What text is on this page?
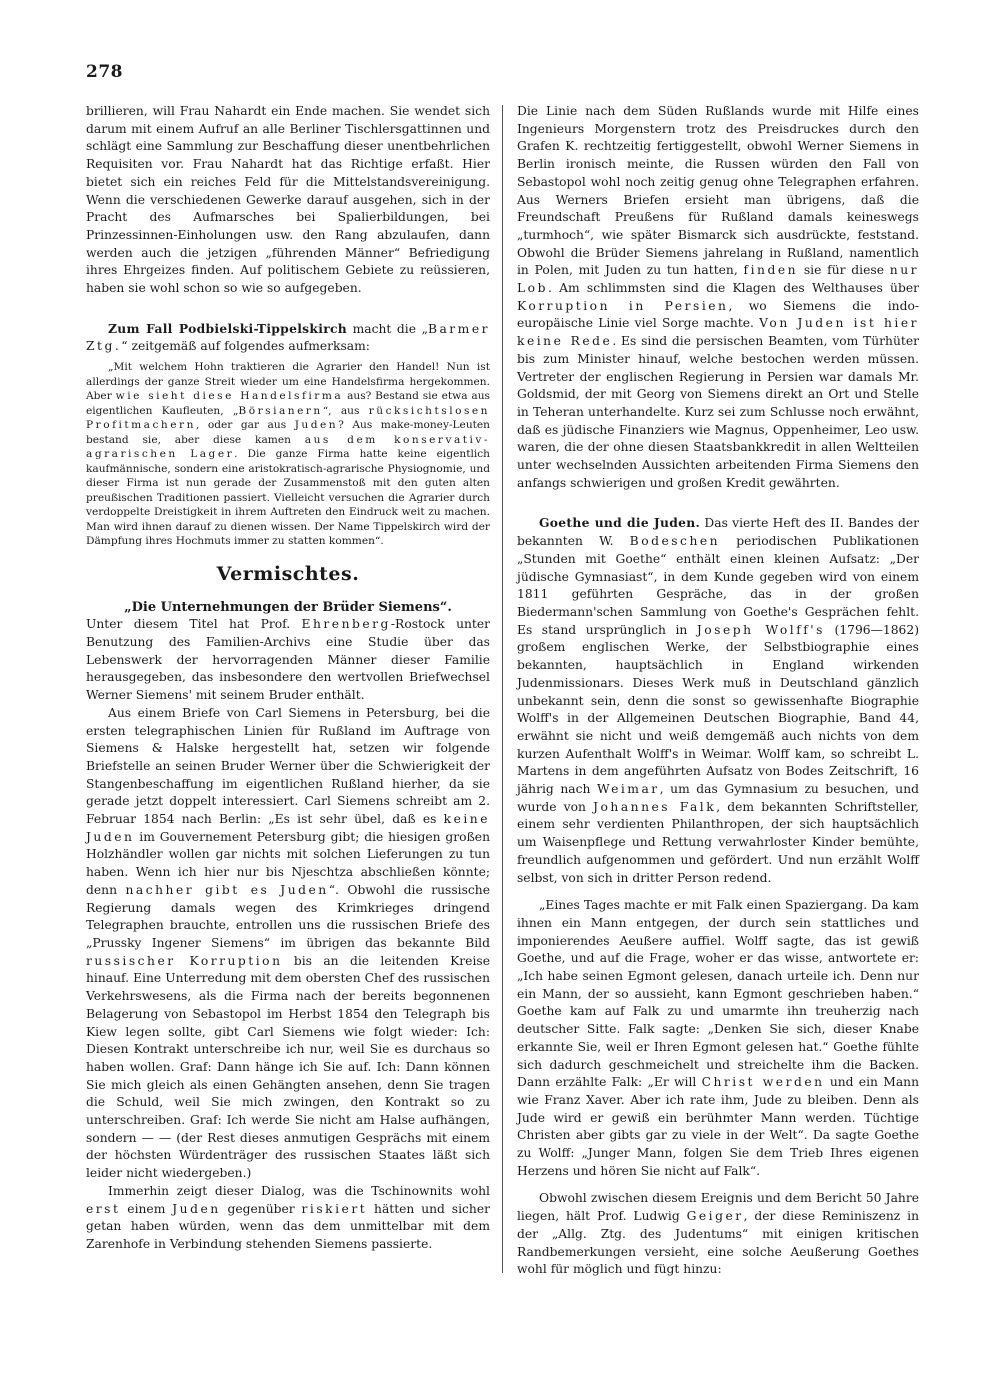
278

brillieren, will Frau Nahardt ein Ende machen. Sie wendet sich darum mit einem Aufruf an alle Berliner Tischlersgattinnen und schlägt eine Sammlung zur Beschaffung dieser unentbehrlichen Requisiten vor. Frau Nahardt hat das Richtige erfaßt. Hier bietet sich ein reiches Feld für die Mittelstandsvereinigung. Wenn die verschiedenen Gewerke darauf ausgehen, sich in der Pracht des Aufmarsches bei Spalierbildungen, bei Prinzessinnen-Einholungen usw. den Rang abzulaufen, dann werden auch die jetzigen „führenden Männer“ Befriedigung ihres Ehrgeizes finden. Auf politischem Gebiete zu reüssieren, haben sie wohl schon so wie so aufgegeben.

Zum Fall Podbielski-Tippelskirch macht die „Barmer Ztg.“ zeitgemäß auf folgendes aufmerksam:

„Mit welchem Hohn traktieren die Agrarier den Handel! Nun ist allerdings der ganze Streit wieder um eine Handelsfirma hergekommen. Aber wie sieht diese Handelsfirma aus? Bestand sie etwa aus eigentlichen Kaufleuten, „Börsianern“, aus rücksichtslosen Profitmachern, oder gar aus Juden? Aus make-money-Leuten bestand sie, aber diese kamen aus dem konservativ-agrarischen Lager. Die ganze Firma hatte keine eigentlich kaufmännische, sondern eine aristokratisch-agrarische Physiognomie, und dieser Firma ist nun gerade der Zusammenstoß mit den guten alten preußischen Traditionen passiert. Vielleicht versuchen die Agrarier durch verdoppelte Dreistigkeit in ihrem Auftreten den Eindruck weit zu machen. Man wird ihnen darauf zu dienen wissen. Der Name Tippelskirch wird der Dämpfung ihres Hochmuts immer zu statten kommen“.

Vermischtes.
„Die Unternehmungen der Brüder Siemens“.

Unter diesem Titel hat Prof. Ehrenberg-Rostock unter Benutzung des Familien-Archivs eine Studie über das Lebenswerk der hervorragenden Männer dieser Familie herausgegeben, das insbesondere den wertvollen Briefwechsel Werner Siemens' mit seinem Bruder enthält.

Aus einem Briefe von Carl Siemens in Petersburg, bei die ersten telegraphischen Linien für Rußland im Auftrage von Siemens & Halske hergestellt hat, setzen wir folgende Briefstelle an seinen Bruder Werner über die Schwierigkeit der Stangenbeschaffung im eigentlichen Rußland hierher, da sie gerade jetzt doppelt interessiert. Carl Siemens schreibt am 2. Februar 1854 nach Berlin: „Es ist sehr übel, daß es keine Juden im Gouvernement Petersburg gibt; die hiesigen großen Holzhändler wollen gar nichts mit solchen Lieferungen zu tun haben. Wenn ich hier nur bis Njeschtza abschließen könnte; denn nachher gibt es Juden“. Obwohl die russische Regierung damals wegen des Krimkrieges dringend Telegraphen brauchte, entrollen uns die russischen Briefe des „Prussky Ingener Siemens“ im übrigen das bekannte Bild russischer Korruption bis an die leitenden Kreise hinauf. Eine Unterredung mit dem obersten Chef des russischen Verkehrswesens, als die Firma nach der bereits begonnenen Belagerung von Sebastopol im Herbst 1854 den Telegraph bis Kiew legen sollte, gibt Carl Siemens wie folgt wieder: Ich: Diesen Kontrakt unterschreibe ich nur, weil Sie es durchaus so haben wollen. Graf: Dann hänge ich Sie auf. Ich: Dann können Sie mich gleich als einen Gehängten ansehen, denn Sie tragen die Schuld, weil Sie mich zwingen, den Kontrakt so zu unterschreiben. Graf: Ich werde Sie nicht am Halse aufhängen, sondern — — (der Rest dieses anmutigen Gesprächs mit einem der höchsten Würdenträger des russischen Staates läßt sich leider nicht wiedergeben.)

Immerhin zeigt dieser Dialog, was die Tschinownits wohl erst einem Juden gegenüber riskiert hätten und sicher getan haben würden, wenn das dem unmittelbar mit dem Zarenhofe in Verbindung stehenden Siemens passierte.

Die Linie nach dem Süden Rußlands wurde mit Hilfe eines Ingenieurs Morgenstern trotz des Preisdruckes durch den Grafen K. rechtzeitig fertiggestellt, obwohl Werner Siemens in Berlin ironisch meinte, die Russen würden den Fall von Sebastopol wohl noch zeitig genug ohne Telegraphen erfahren. Aus Werners Briefen ersieht man übrigens, daß die Freundschaft Preußens für Rußland damals keineswegs „turmhoch“, wie später Bismarck sich ausdrückte, feststand. Obwohl die Brüder Siemens jahrelang in Rußland, namentlich in Polen, mit Juden zu tun hatten, finden sie für diese nur Lob. Am schlimmsten sind die Klagen des Welthauses über Korruption in Persien, wo Siemens die indo-europäische Linie viel Sorge machte. Von Juden ist hier keine Rede. Es sind die persischen Beamten, vom Türhüter bis zum Minister hinauf, welche bestochen werden müssen. Vertreter der englischen Regierung in Persien war damals Mr. Goldsmid, der mit Georg von Siemens direkt an Ort und Stelle in Teheran unterhandelte. Kurz sei zum Schlusse noch erwähnt, daß es jüdische Finanziers wie Magnus, Oppenheimer, Leo usw. waren, die der ohne diesen Staatsbankkredit in allen Weltteilen unter wechselnden Aussichten arbeitenden Firma Siemens den anfangs schwierigen und großen Kredit gewährten.

Goethe und die Juden. Das vierte Heft des II. Bandes der bekannten W. Bodeschen periodischen Publikationen „Stunden mit Goethe“ enthält einen kleinen Aufsatz: „Der jüdische Gymnasiast“, in dem Kunde gegeben wird von einem 1811 geführten Gespräche, das in der großen Biedermann'schen Sammlung von Goethe's Gesprächen fehlt. Es stand ursprünglich in Joseph Wolff's (1796—1862) großem englischen Werke, der Selbstbiographie eines bekannten, hauptsächlich in England wirkenden Judenmissionars. Dieses Werk muß in Deutschland gänzlich unbekannt sein, denn die sonst so gewissenhafte Biographie Wolff's in der Allgemeinen Deutschen Biographie, Band 44, erwähnt sie nicht und weiß demgemäß auch nichts von dem kurzen Aufenthalt Wolff's in Weimar. Wolff kam, so schreibt L. Martens in dem angeführten Aufsatz von Bodes Zeitschrift, 16 jährig nach Weimar, um das Gymnasium zu besuchen, und wurde von Johannes Falk, dem bekannten Schriftsteller, einem sehr verdienten Philanthropen, der sich hauptsächlich um Waisenpflege und Rettung verwahrloster Kinder bemühte, freundlich aufgenommen und gefördert. Und nun erzählt Wolff selbst, von sich in dritter Person redend.

„Eines Tages machte er mit Falk einen Spaziergang. Da kam ihnen ein Mann entgegen, der durch sein stattliches und imponierendes Aeußere auffiel. Wolff sagte, das ist gewiß Goethe, und auf die Frage, woher er das wisse, antwortete er: „Ich habe seinen Egmont gelesen, danach urteile ich. Denn nur ein Mann, der so aussieht, kann Egmont geschrieben haben.“ Goethe kam auf Falk zu und umarmte ihn treuherzig nach deutscher Sitte. Falk sagte: „Denken Sie sich, dieser Knabe erkannte Sie, weil er Ihren Egmont gelesen hat.“ Goethe fühlte sich dadurch geschmeichelt und streichelte ihm die Backen. Dann erzählte Falk: „Er will Christ werden und ein Mann wie Franz Xaver. Aber ich rate ihm, Jude zu bleiben. Denn als Jude wird er gewiß ein berühmter Mann werden. Tüchtige Christen aber gibts gar zu viele in der Welt“. Da sagte Goethe zu Wolff: „Junger Mann, folgen Sie dem Trieb Ihres eigenen Herzens und hören Sie nicht auf Falk“.

Obwohl zwischen diesem Ereignis und dem Bericht 50 Jahre liegen, hält Prof. Ludwig Geiger, der diese Reminiszenz in der „Allg. Ztg. des Judentums“ mit einigen kritischen Randbemerkungen versieht, eine solche Aeußerung Goethes wohl für möglich und fügt hinzu:
